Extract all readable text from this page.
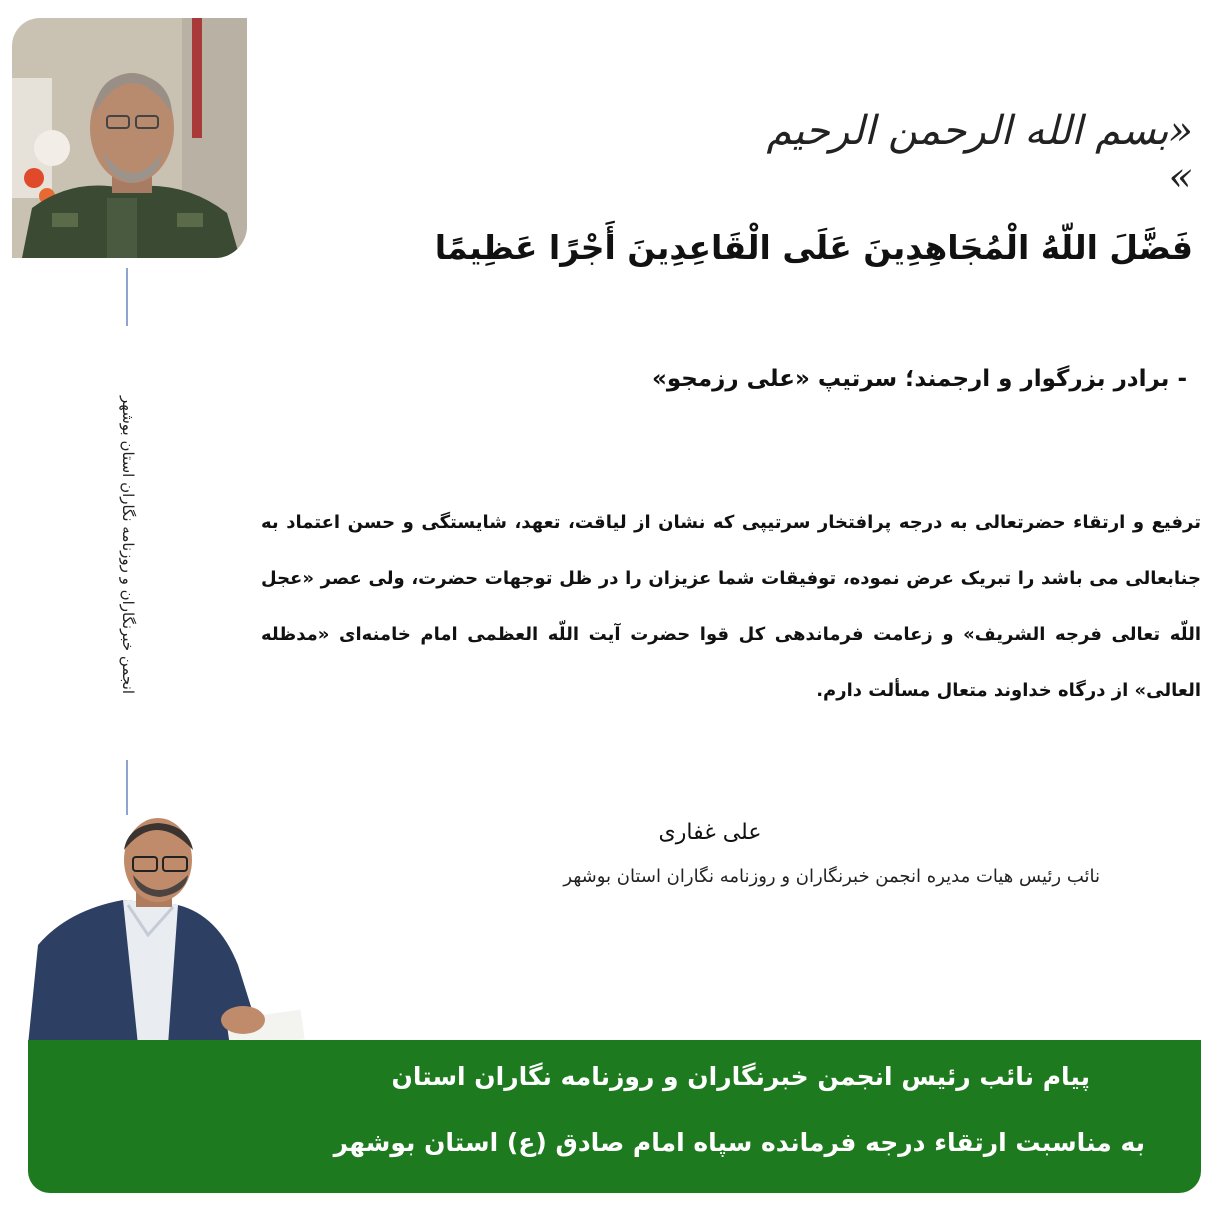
انجمن خبرنگاران و روزنامه نگاران استان بوشهر
«بسم الله الرحمن الرحیم »
فَضَّلَ اللّهُ الْمُجَاهِدِینَ عَلَى الْقَاعِدِینَ أَجْرًا عَظِیمًا
- برادر بزرگوار و ارجمند؛ سرتیپ «علی رزمجو»
ترفیع و ارتقاء حضرتعالی به درجه پرافتخار سرتیپی که نشان از لیاقت، تعهد، شایستگی و حسن اعتماد به جنابعالی می باشد را تبریک عرض نموده، توفیقات شما عزیزان را در ظل توجهات حضرت، ولی عصر «عجل اللّه تعالی فرجه الشریف» و زعامت فرماندهی کل قوا حضرت آیت اللّه العظمی امام خامنه‌ای «مدظله العالی» از درگاه خداوند متعال مسألت دارم.
علی غفاری
نائب رئیس هیات مدیره انجمن خبرنگاران و روزنامه نگاران استان بوشهر
پیام نائب رئیس انجمن خبرنگاران و روزنامه نگاران استان
به مناسبت ارتقاء درجه فرمانده سپاه امام صادق (ع) استان بوشهر
